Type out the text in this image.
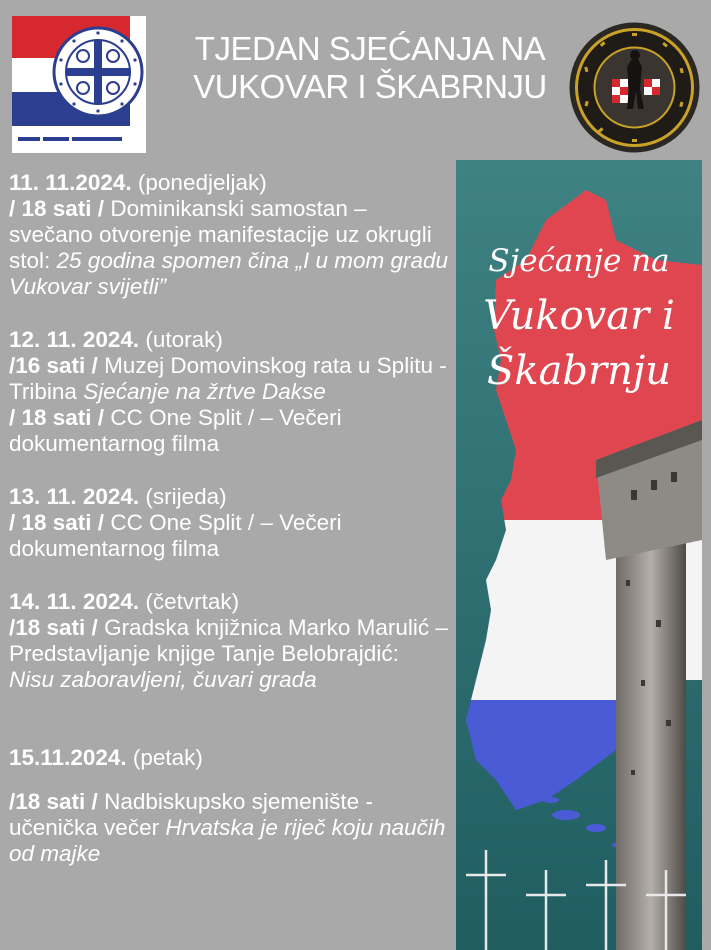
TJEDAN SJEĆANJA NA
VUKOVAR I ŠKABRNJU
11. 11.2024. (ponedjeljak)
/ 18 sati / Dominikanski samostan – svečano otvorenje manifestacije uz okrugli stol: 25 godina spomen čina „I u mom gradu Vukovar svijetli”
12. 11. 2024. (utorak)
/16 sati / Muzej Domovinskog rata u Splitu - Tribina Sjećanje na žrtve Dakse
/ 18 sati / CC One Split / – Večeri dokumentarnog filma
13. 11. 2024. (srijeda)
/ 18 sati / CC One Split / – Večeri dokumentarnog filma
14. 11. 2024. (četvrtak)
/18 sati / Gradska knjižnica Marko Marulić – Predstavljanje knjige Tanje Belobrajdić: Nisu zaboravljeni, čuvari grada
15.11.2024. (petak)
/18 sati / Nadbiskupsko sjemenište - učenička večer Hrvatska je riječ koju naučih od majke
Sjećanje na
Vukovar i
Škabrnju
